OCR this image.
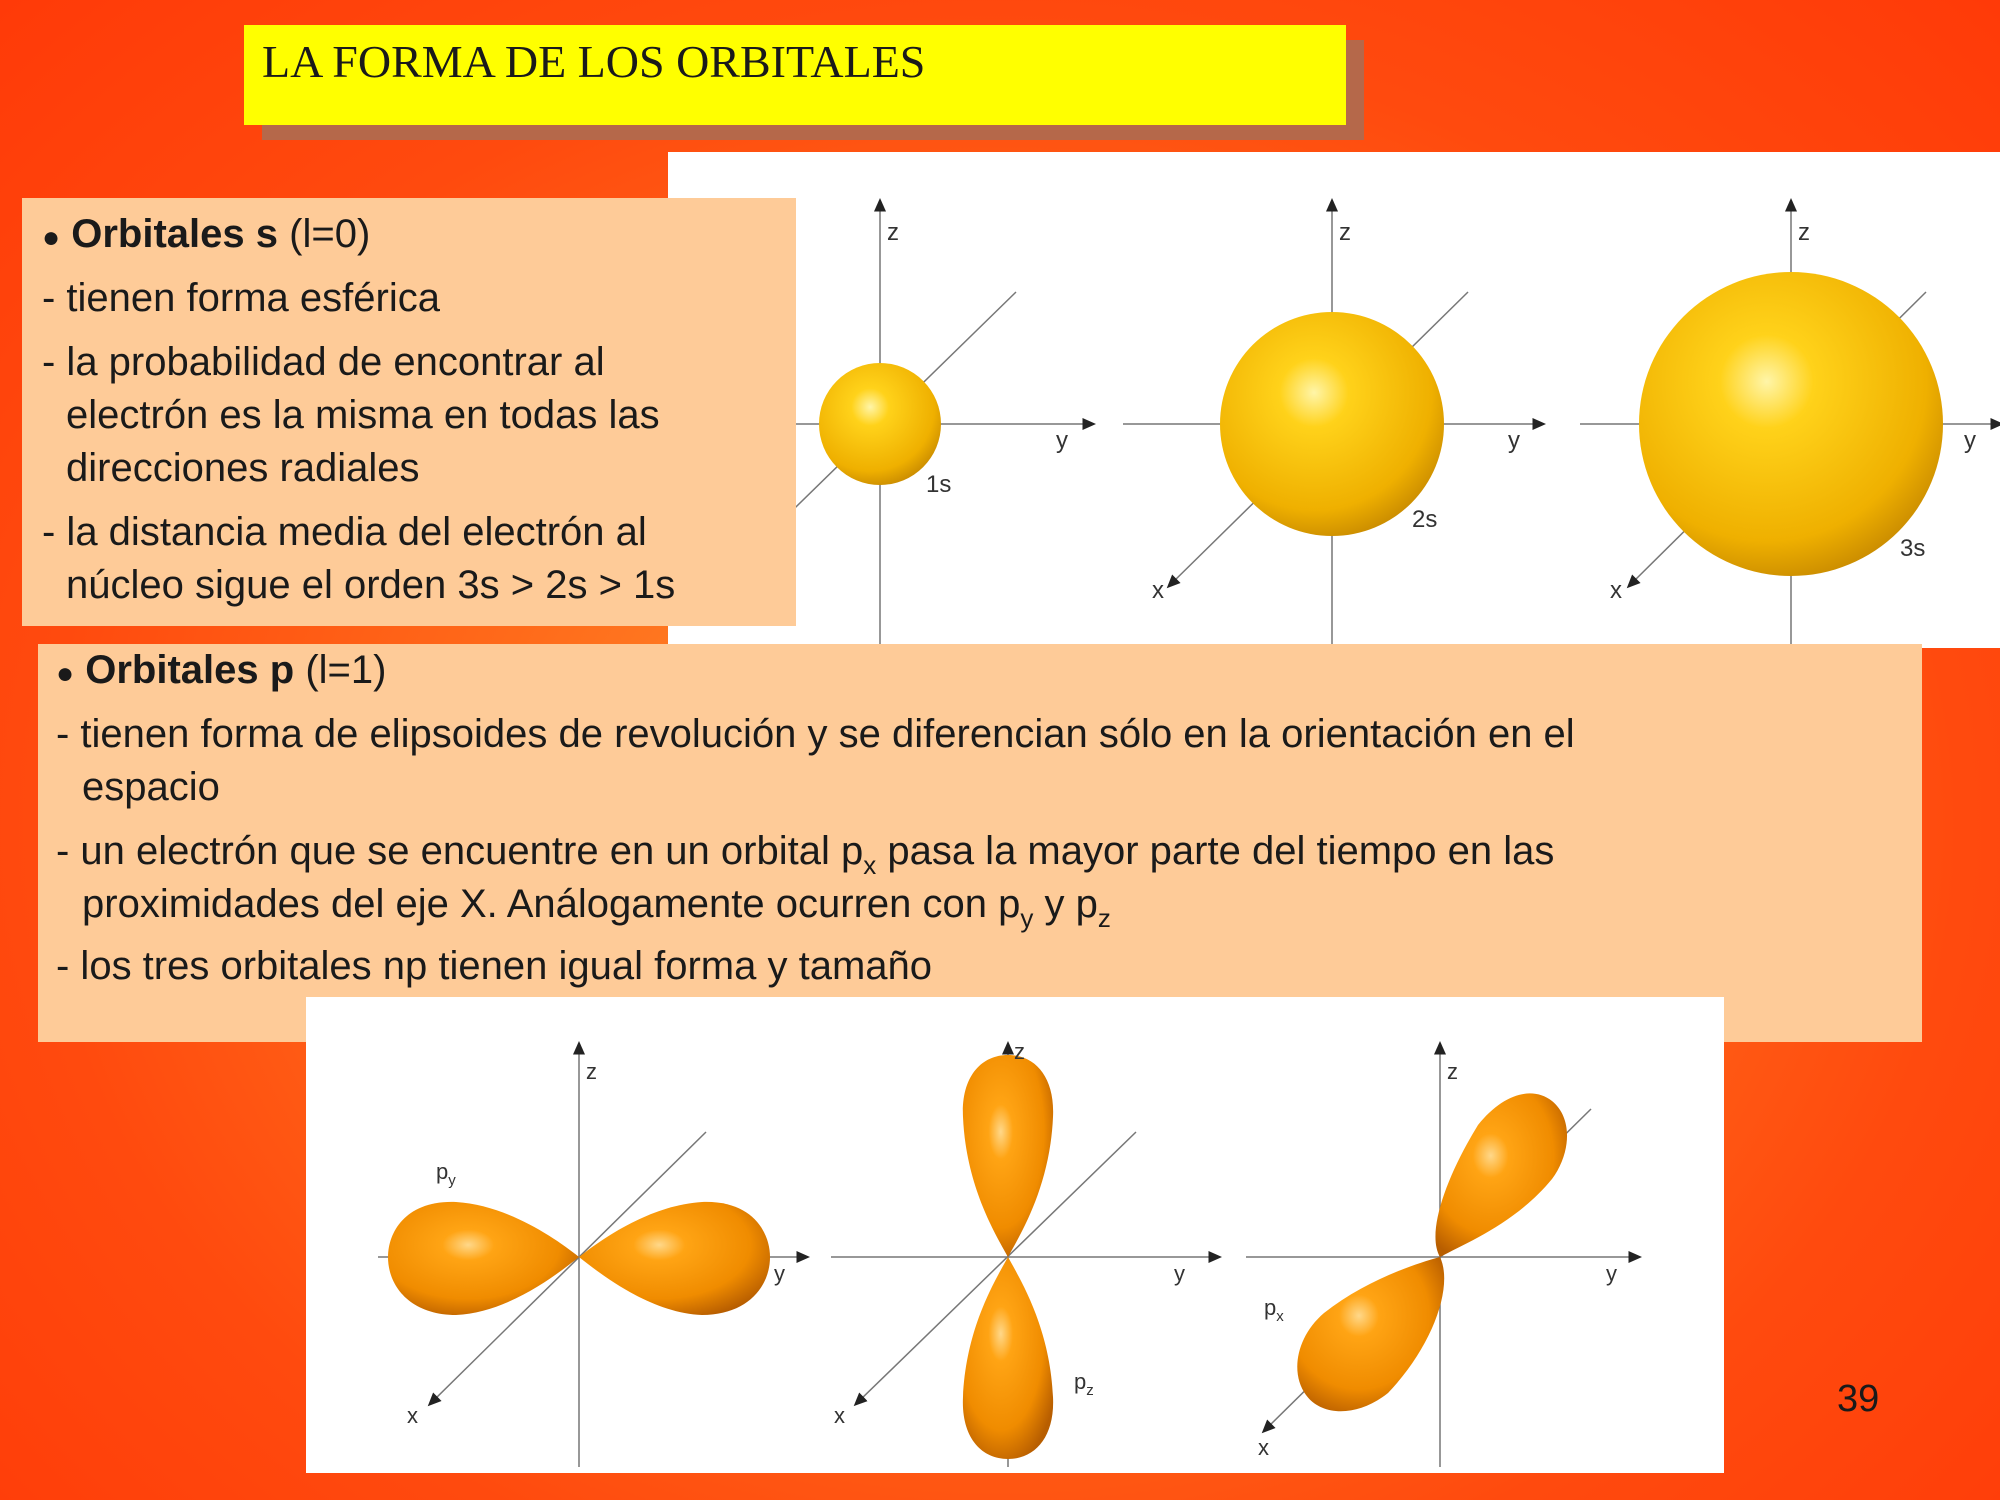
LA FORMA DE LOS ORBITALES
z
y
1s
z
y
x
2s
z
y
x
3s
● Orbitales s (l=0)
- tienen forma esférica
- la probabilidad de encontrar al
electrón es la misma en todas las
direcciones radiales
- la distancia media del electrón al
núcleo sigue el orden 3s > 2s > 1s
● Orbitales p (l=1)
- tienen forma de elipsoides de revolución y se diferencian sólo en la orientación en el
espacio
- un electrón que se encuentre en un orbital $p_x$ pasa la mayor parte del tiempo en las
proximidades del eje X. Análogamente ocurren con $p_y$ y $p_z$
- los tres orbitales np tienen igual forma y tamaño
z
y
x
$p_y$
z
y
x
$p_z$
z
y
x
$p_x$
39
